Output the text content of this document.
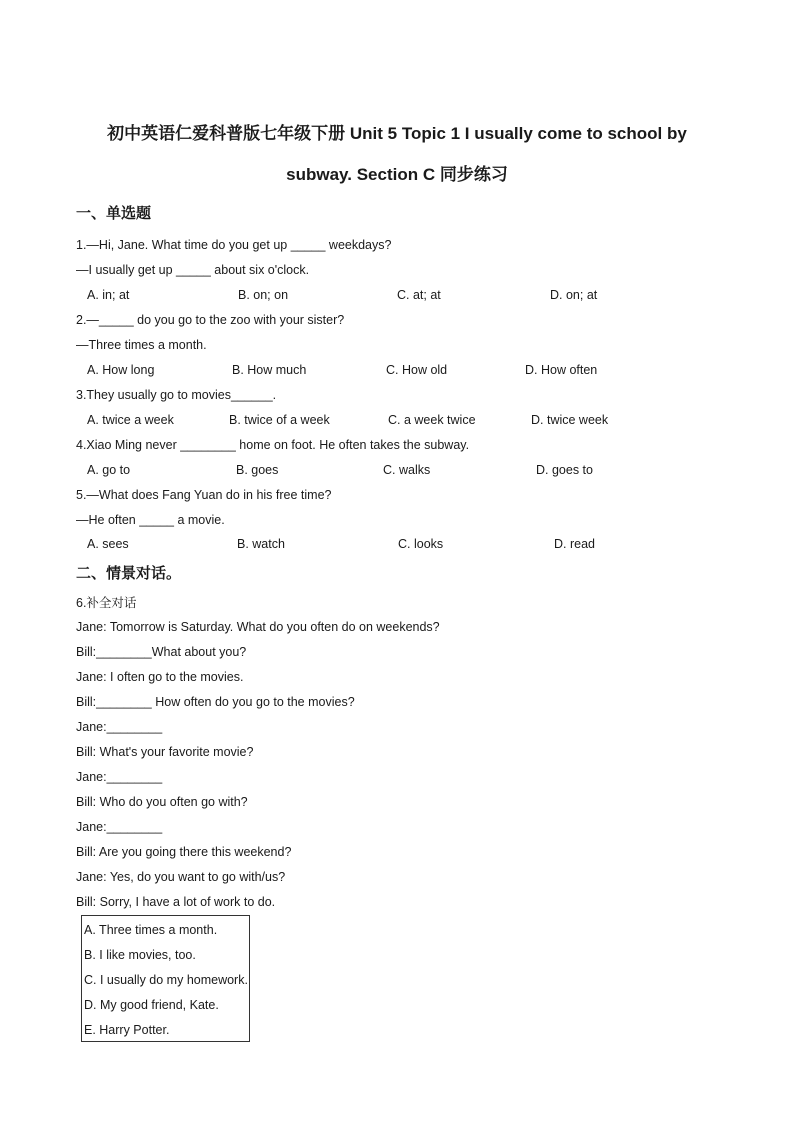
初中英语仁爱科普版七年级下册 Unit 5 Topic 1 I usually come to school by
subway. Section C 同步练习
一、单选题
1.—Hi, Jane. What time do you get up _____ weekdays?
—I usually get up _____ about six o'clock.
A. in; at	B. on; on	C. at; at	D. on; at
2.—_____ do you go to the zoo with your sister?
—Three times a month.
A. How long	B. How much	C. How old	D. How often
3.They usually go to movies______.
A. twice a week	B. twice of a week	C. a week twice	D. twice week
4.Xiao Ming never ________ home on foot. He often takes the subway.
A. go to	B. goes	C. walks	D. goes to
5.—What does Fang Yuan do in his free time?
—He often _____ a movie.
A. sees	B. watch	C. looks	D. read
二、情景对话。
6.补全对话
Jane: Tomorrow is Saturday. What do you often do on weekends?
Bill:________What about you?
Jane: I often go to the movies.
Bill:________ How often do you go to the movies?
Jane:________
Bill: What's your favorite movie?
Jane:________
Bill: Who do you often go with?
Jane:________
Bill: Are you going there this weekend?
Jane: Yes, do you want to go with/us?
Bill: Sorry, I have a lot of work to do.
A. Three times a month.
B. I like movies, too.
C. I usually do my homework.
D. My good friend, Kate.
E. Harry Potter.
